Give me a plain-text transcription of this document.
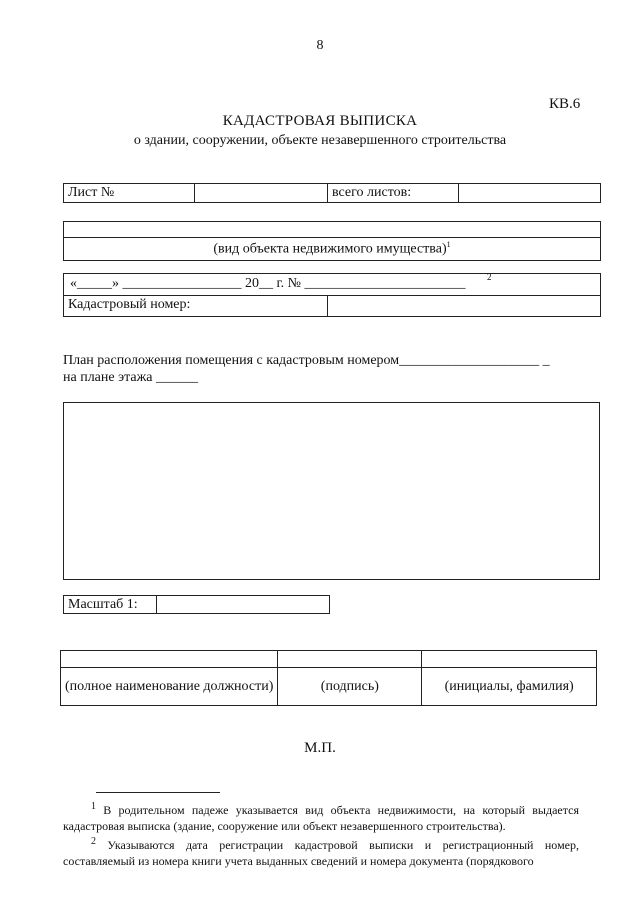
8
КВ.6
КАДАСТРОВАЯ ВЫПИСКА
о здании, сооружении, объекте незавершенного строительства
Лист №		всего листов:	
(вид объекта недвижимого имущества)$^1$
«_____» _________________ 20__ г. № _______________________ 2
Кадастровый номер:
План расположения помещения с кадастровым номером____________________ _
на плане этажа ______
Масштаб 1:	

(полное наименование должности)	(подпись)	(инициалы, фамилия)
М.П.

$^1$ В родительном падеже указывается вид объекта недвижимости, на который выдается кадастровая выписка (здание, сооружение или объект незавершенного строительства).

$^2$ Указываются дата регистрации кадастровой выписки и регистрационный номер, составляемый из номера книги учета выданных сведений и номера документа (порядкового
